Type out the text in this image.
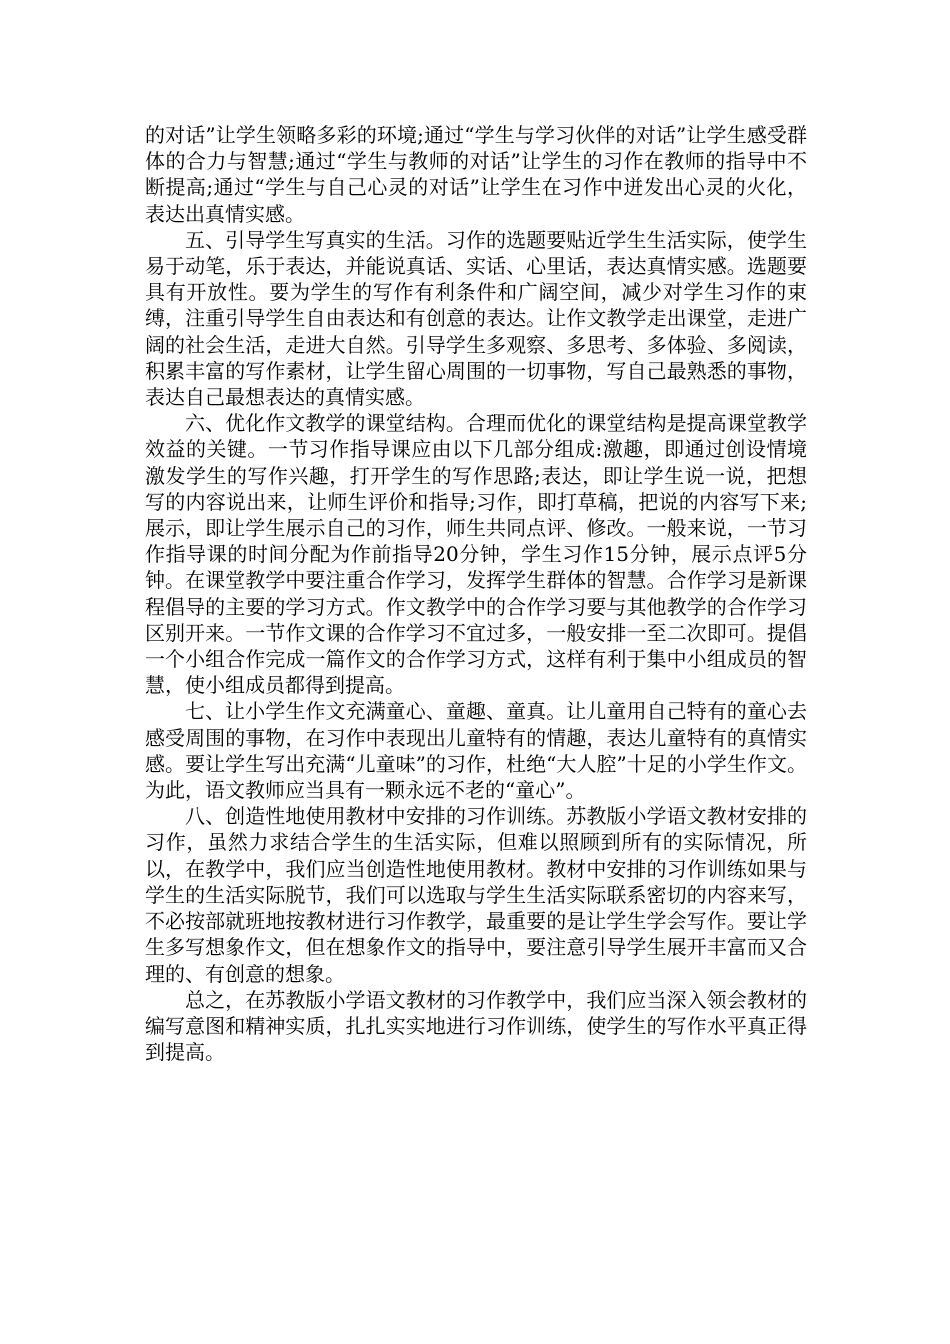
的对话”让学生领略多彩的环境;通过“学生与学习伙伴的对话”让学生感受群体的合力与智慧;通过“学生与教师的对话”让学生的习作在教师的指导中不断提高;通过“学生与自己心灵的对话”让学生在习作中迸发出心灵的火化，表达出真情实感。

五、引导学生写真实的生活。习作的选题要贴近学生生活实际，使学生易于动笔，乐于表达，并能说真话、实话、心里话，表达真情实感。选题要具有开放性。要为学生的写作有利条件和广阔空间，减少对学生习作的束缚，注重引导学生自由表达和有创意的表达。让作文教学走出课堂，走进广阔的社会生活，走进大自然。引导学生多观察、多思考、多体验、多阅读，积累丰富的写作素材，让学生留心周围的一切事物，写自己最熟悉的事物，表达自己最想表达的真情实感。

六、优化作文教学的课堂结构。合理而优化的课堂结构是提高课堂教学效益的关键。一节习作指导课应由以下几部分组成:激趣，即通过创设情境激发学生的写作兴趣，打开学生的写作思路;表达，即让学生说一说，把想写的内容说出来，让师生评价和指导;习作，即打草稿，把说的内容写下来;展示，即让学生展示自己的习作，师生共同点评、修改。一般来说，一节习作指导课的时间分配为作前指导20分钟，学生习作15分钟，展示点评5分钟。在课堂教学中要注重合作学习，发挥学生群体的智慧。合作学习是新课程倡导的主要的学习方式。作文教学中的合作学习要与其他教学的合作学习区别开来。一节作文课的合作学习不宜过多，一般安排一至二次即可。提倡一个小组合作完成一篇作文的合作学习方式，这样有利于集中小组成员的智慧，使小组成员都得到提高。

七、让小学生作文充满童心、童趣、童真。让儿童用自己特有的童心去感受周围的事物，在习作中表现出儿童特有的情趣，表达儿童特有的真情实感。要让学生写出充满“儿童味”的习作，杜绝“大人腔”十足的小学生作文。为此，语文教师应当具有一颗永远不老的“童心”。

八、创造性地使用教材中安排的习作训练。苏教版小学语文教材安排的习作，虽然力求结合学生的生活实际，但难以照顾到所有的实际情况，所以，在教学中，我们应当创造性地使用教材。教材中安排的习作训练如果与学生的生活实际脱节，我们可以选取与学生生活实际联系密切的内容来写，不必按部就班地按教材进行习作教学，最重要的是让学生学会写作。要让学生多写想象作文，但在想象作文的指导中，要注意引导学生展开丰富而又合理的、有创意的想象。

总之，在苏教版小学语文教材的习作教学中，我们应当深入领会教材的编写意图和精神实质，扎扎实实地进行习作训练，使学生的写作水平真正得到提高。
